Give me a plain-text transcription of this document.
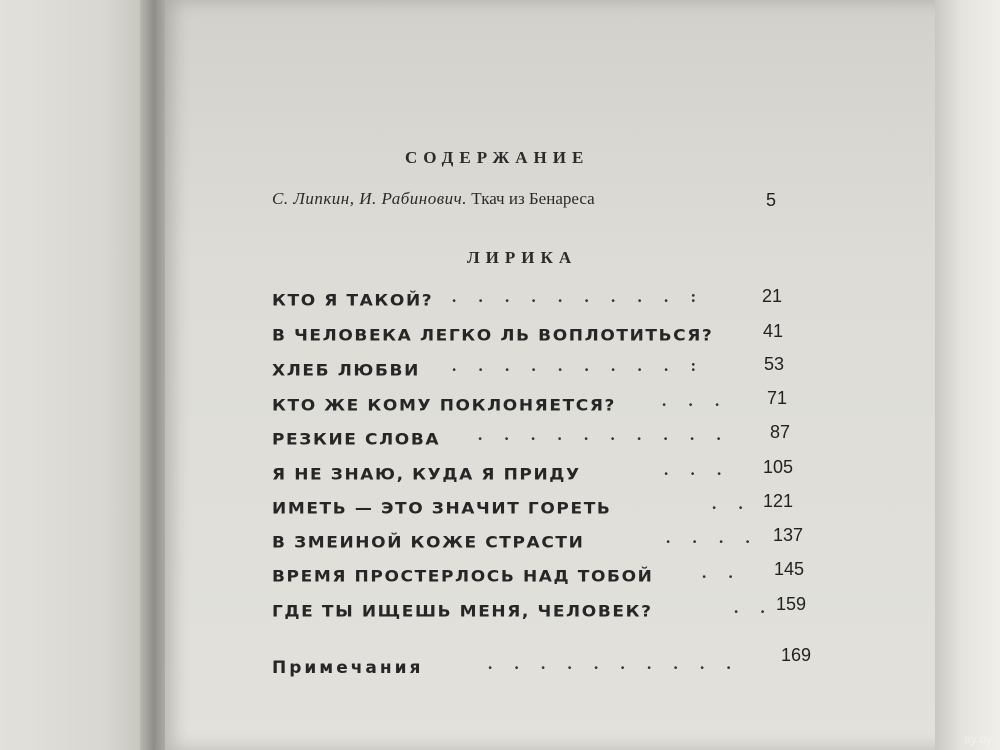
СОДЕРЖАНИЕ
С. Липкин, И. Рабинович. Ткач из Бенареса	5
ЛИРИКА
КТО Я ТАКОЙ? . . . . . . . . . :	21
В ЧЕЛОВЕКА ЛЕГКО ЛЬ ВОПЛОТИТЬСЯ?	41
ХЛЕБ ЛЮБВИ . . . . . . . . . :	53
КТО ЖЕ КОМУ ПОКЛОНЯЕТСЯ?	. . . 71
РЕЗКИЕ СЛОВА . . . . . . . . . . 87
Я НЕ ЗНАЮ, КУДА Я ПРИДУ	. . . 105
ИМЕТЬ — ЭТО ЗНАЧИТ ГОРЕТЬ	. . 121
В ЗМЕИНОЙ КОЖЕ СТРАСТИ	. . . . 137
ВРЕМЯ ПРОСТЕРЛОСЬ НАД ТОБОЙ	. . 145
ГДЕ ТЫ ИЩЕШЬ МЕНЯ, ЧЕЛОВЕК?	. . 159
Примечания	. . . . . . . . . . 169
ay.by
